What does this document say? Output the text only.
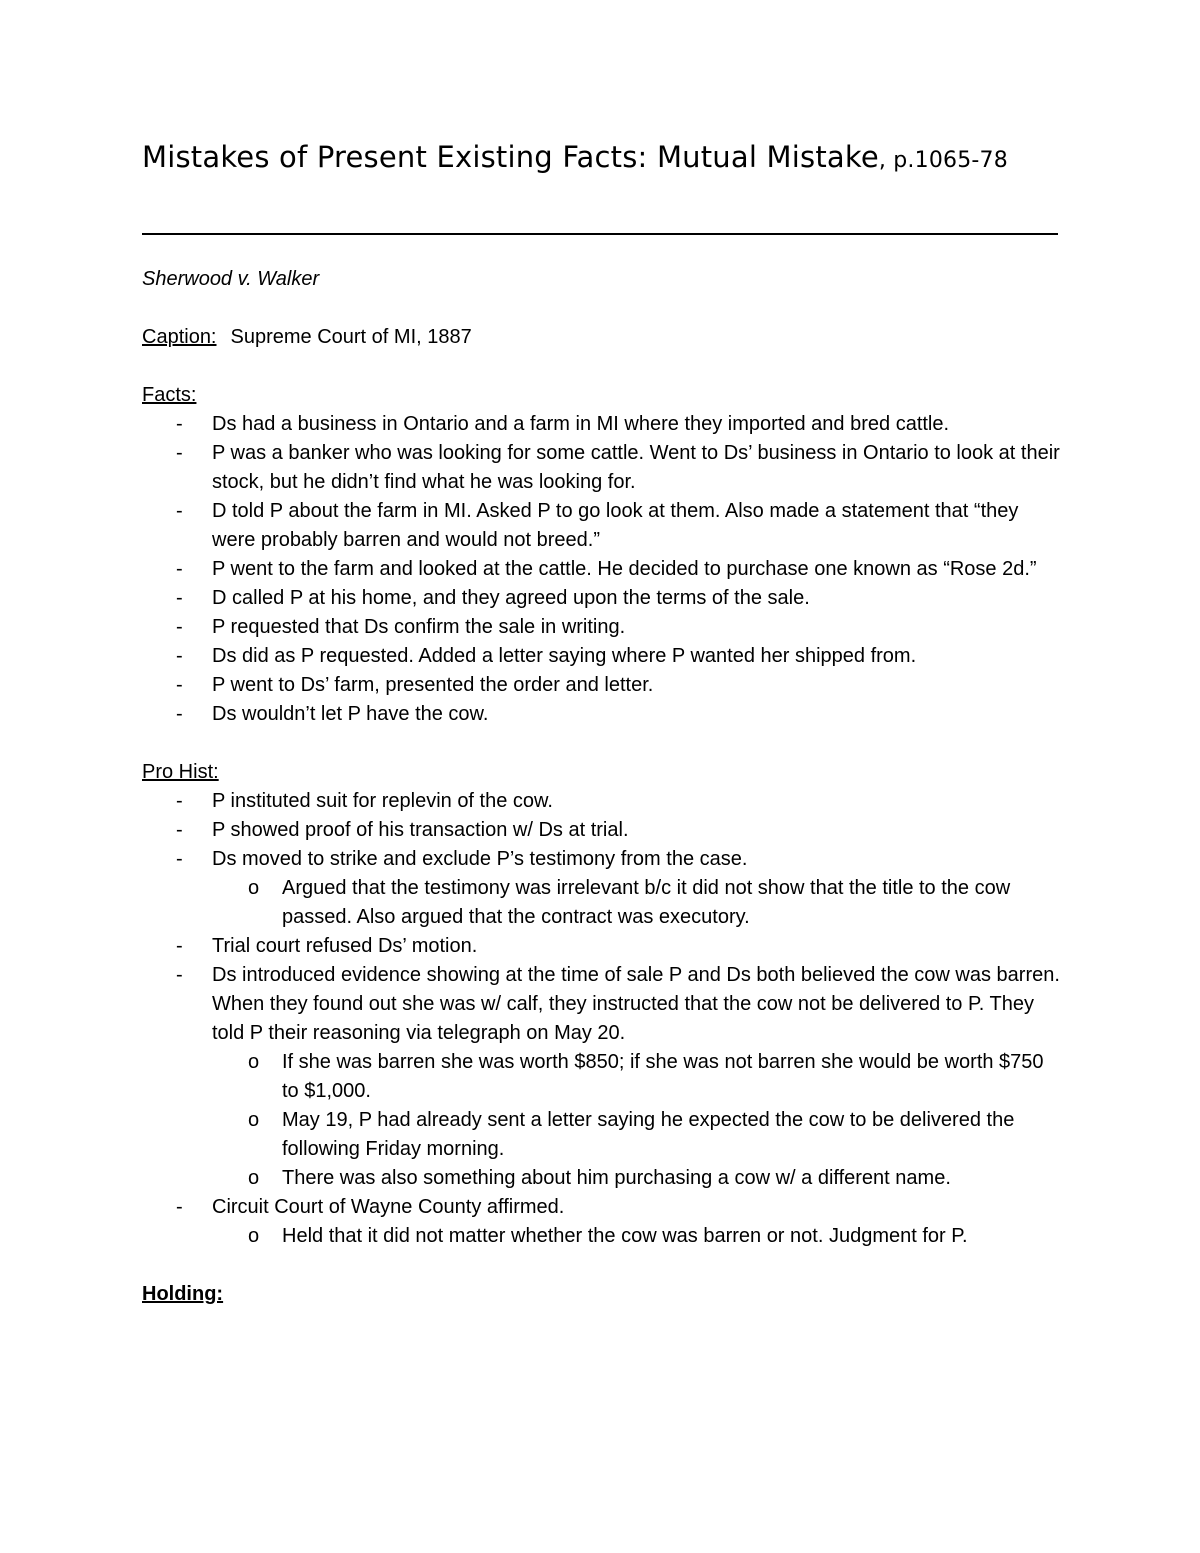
Mistakes of Present Existing Facts: Mutual Mistake, p.1065-78
Sherwood v. Walker
Caption: Supreme Court of MI, 1887
Facts:
- Ds had a business in Ontario and a farm in MI where they imported and bred cattle.
- P was a banker who was looking for some cattle. Went to Ds’ business in Ontario to look at their stock, but he didn’t find what he was looking for.
- D told P about the farm in MI. Asked P to go look at them. Also made a statement that “they were probably barren and would not breed.”
- P went to the farm and looked at the cattle. He decided to purchase one known as “Rose 2d.”
- D called P at his home, and they agreed upon the terms of the sale.
- P requested that Ds confirm the sale in writing.
- Ds did as P requested. Added a letter saying where P wanted her shipped from.
- P went to Ds’ farm, presented the order and letter.
- Ds wouldn’t let P have the cow.
Pro Hist:
- P instituted suit for replevin of the cow.
- P showed proof of his transaction w/ Ds at trial.
- Ds moved to strike and exclude P’s testimony from the case.
o Argued that the testimony was irrelevant b/c it did not show that the title to the cow passed. Also argued that the contract was executory.
- Trial court refused Ds’ motion.
- Ds introduced evidence showing at the time of sale P and Ds both believed the cow was barren. When they found out she was w/ calf, they instructed that the cow not be delivered to P. They told P their reasoning via telegraph on May 20.
o If she was barren she was worth $850; if she was not barren she would be worth $750 to $1,000.
o May 19, P had already sent a letter saying he expected the cow to be delivered the following Friday morning.
o There was also something about him purchasing a cow w/ a different name.
- Circuit Court of Wayne County affirmed.
o Held that it did not matter whether the cow was barren or not. Judgment for P.
Holding:
